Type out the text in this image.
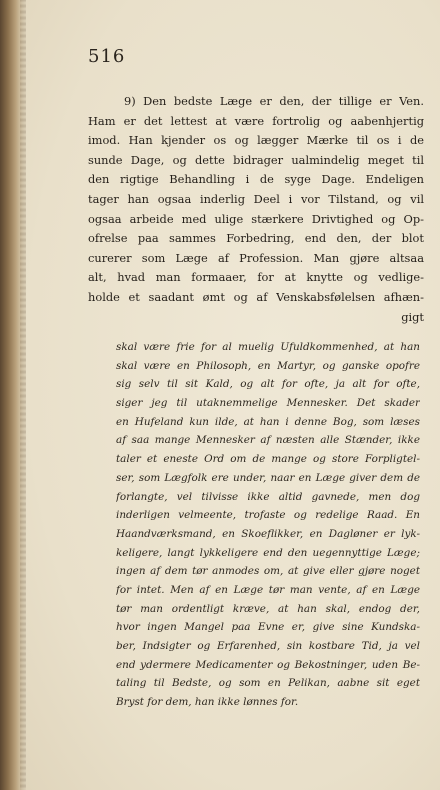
516
9) Den bedste Læge er den, der tillige er Ven.
Ham er det lettest at være fortrolig og aabenhjertig
imod. Han kjender os og lægger Mærke til os i de
sunde Dage, og dette bidrager ualmindelig meget til
den rigtige Behandling i de syge Dage. Endeligen
tager han ogsaa inderlig Deel i vor Tilstand, og vil
ogsaa arbeide med ulige stærkere Drivtighed og Op-
ofrelse paa sammes Forbedring, end den, der blot
curerer som Læge af Profession. Man gjøre altsaa
alt, hvad man formaaer, for at knytte og vedlige-
holde et saadant ømt og af Venskabsfølelsen afhæn-
gigt
skal være frie for al muelig Ufuldkommenhed, at han
skal være en Philosoph, en Martyr, og ganske opofre
sig selv til sit Kald, og alt for ofte, ja alt for ofte,
siger jeg til utaknemmelige Mennesker. Det skader
en Hufeland kun ilde, at han i denne Bog, som læses
af saa mange Mennesker af næsten alle Stænder, ikke
taler et eneste Ord om de mange og store Forpligtel-
ser, som Lægfolk ere under, naar en Læge giver dem de
forlangte, vel tilvisse ikke altid gavnede, men dog
inderligen velmeente, trofaste og redelige Raad. En
Haandværksmand, en Skoeflikker, en Dagløner er lyk-
keligere, langt lykkeligere end den uegennyttige Læge;
ingen af dem tør anmodes om, at give eller gjøre noget
for intet. Men af en Læge tør man vente, af en Læge
tør man ordentligt kræve, at han skal, endog der,
hvor ingen Mangel paa Evne er, give sine Kundska-
ber, Indsigter og Erfarenhed, sin kostbare Tid, ja vel
end ydermere Medicamenter og Bekostninger, uden Be-
taling til Bedste, og som en Pelikan, aabne sit eget
Bryst for dem, han ikke lønnes for.
